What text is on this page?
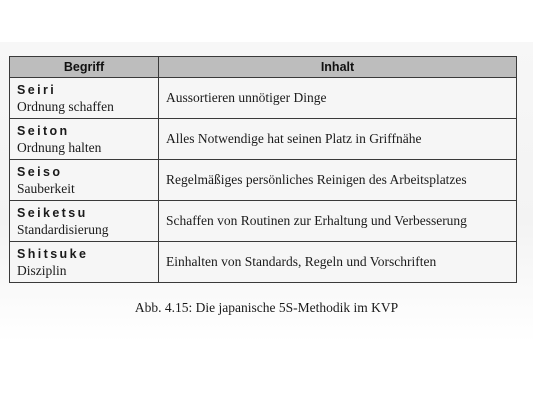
Begriff	Inhalt

Seiri
Ordnung schaffen	Aussortieren unnötiger Dinge

Seiton
Ordnung halten	Alles Notwendige hat seinen Platz in Griffnähe

Seiso
Sauberkeit	Regelmäßiges persönliches Reinigen des Arbeitsplatzes

Seiketsu
Standardisierung	Schaffen von Routinen zur Erhaltung und Verbesserung

Shitsuke
Disziplin	Einhalten von Standards, Regeln und Vorschriften
Abb. 4.15: Die japanische 5S-Methodik im KVP
